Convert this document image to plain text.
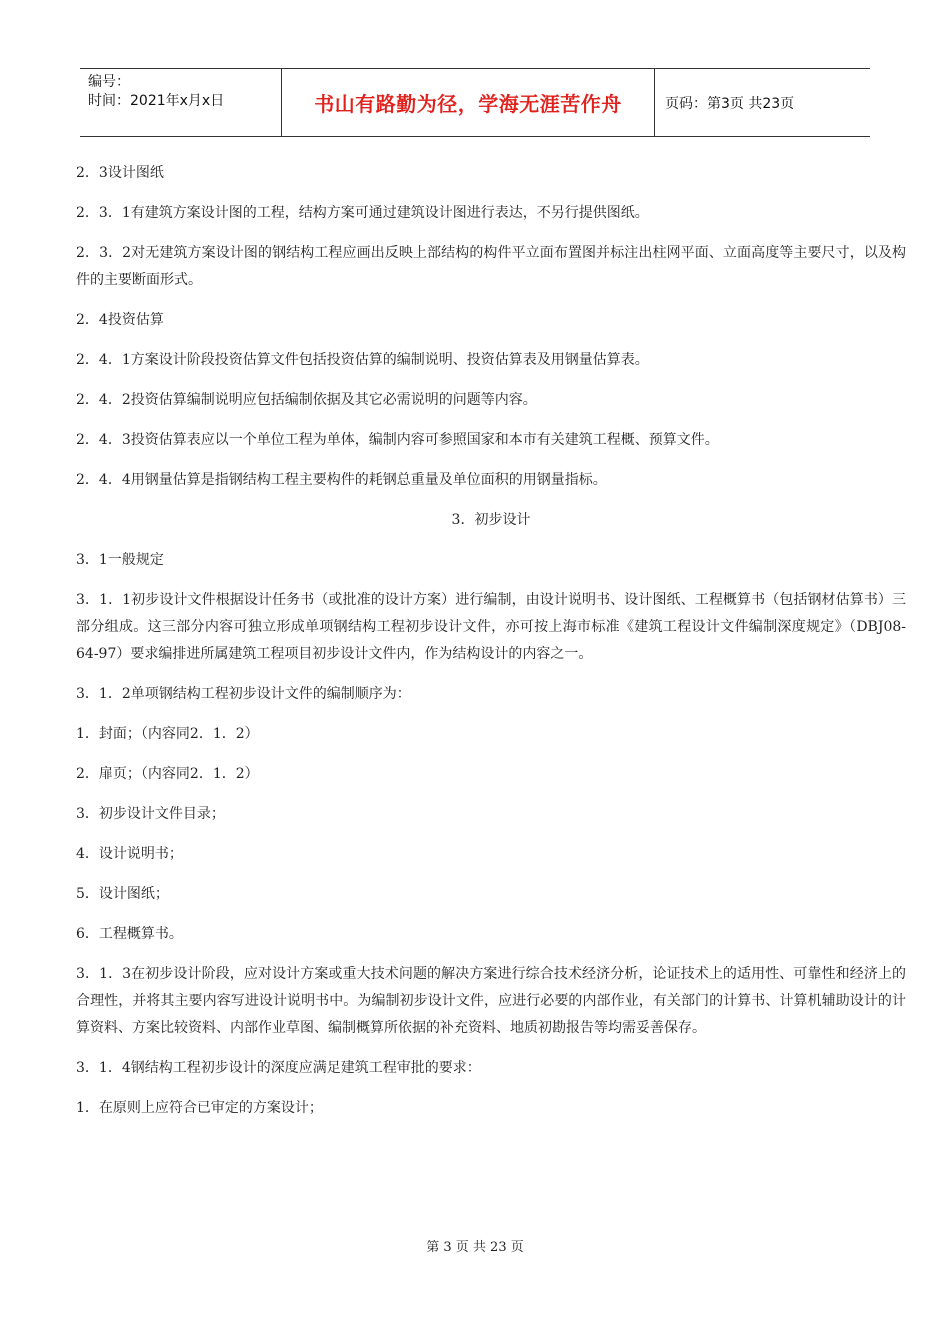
编号：
时间：2021年x月x日	书山有路勤为径，学海无涯苦作舟	页码：第3页 共23页

2．3设计图纸

2．3．1有建筑方案设计图的工程，结构方案可通过建筑设计图进行表达，不另行提供图纸。

2．3．2对无建筑方案设计图的钢结构工程应画出反映上部结构的构件平立面布置图并标注出柱网平面、立面高度等主要尺寸，以及构件的主要断面形式。

2．4投资估算

2．4．1方案设计阶段投资估算文件包括投资估算的编制说明、投资估算表及用钢量估算表。

2．4．2投资估算编制说明应包括编制依据及其它必需说明的问题等内容。

2．4．3投资估算表应以一个单位工程为单体，编制内容可参照国家和本市有关建筑工程概、预算文件。

2．4．4用钢量估算是指钢结构工程主要构件的耗钢总重量及单位面积的用钢量指标。

3．初步设计

3．1一般规定

3．1．1初步设计文件根据设计任务书（或批准的设计方案）进行编制，由设计说明书、设计图纸、工程概算书（包括钢材估算书）三部分组成。这三部分内容可独立形成单项钢结构工程初步设计文件，亦可按上海市标准《建筑工程设计文件编制深度规定》（DBJ08-64-97）要求编排进所属建筑工程项目初步设计文件内，作为结构设计的内容之一。

3．1．2单项钢结构工程初步设计文件的编制顺序为：

1．封面；（内容同2．1．2）

2．扉页；（内容同2．1．2）

3．初步设计文件目录；

4．设计说明书；

5．设计图纸；

6．工程概算书。

3．1．3在初步设计阶段，应对设计方案或重大技术问题的解决方案进行综合技术经济分析，论证技术上的适用性、可靠性和经济上的合理性，并将其主要内容写进设计说明书中。为编制初步设计文件，应进行必要的内部作业，有关部门的计算书、计算机辅助设计的计算资料、方案比较资料、内部作业草图、编制概算所依据的补充资料、地质初勘报告等均需妥善保存。

3．1．4钢结构工程初步设计的深度应满足建筑工程审批的要求：

1．在原则上应符合已审定的方案设计；

第 3 页 共 23 页
